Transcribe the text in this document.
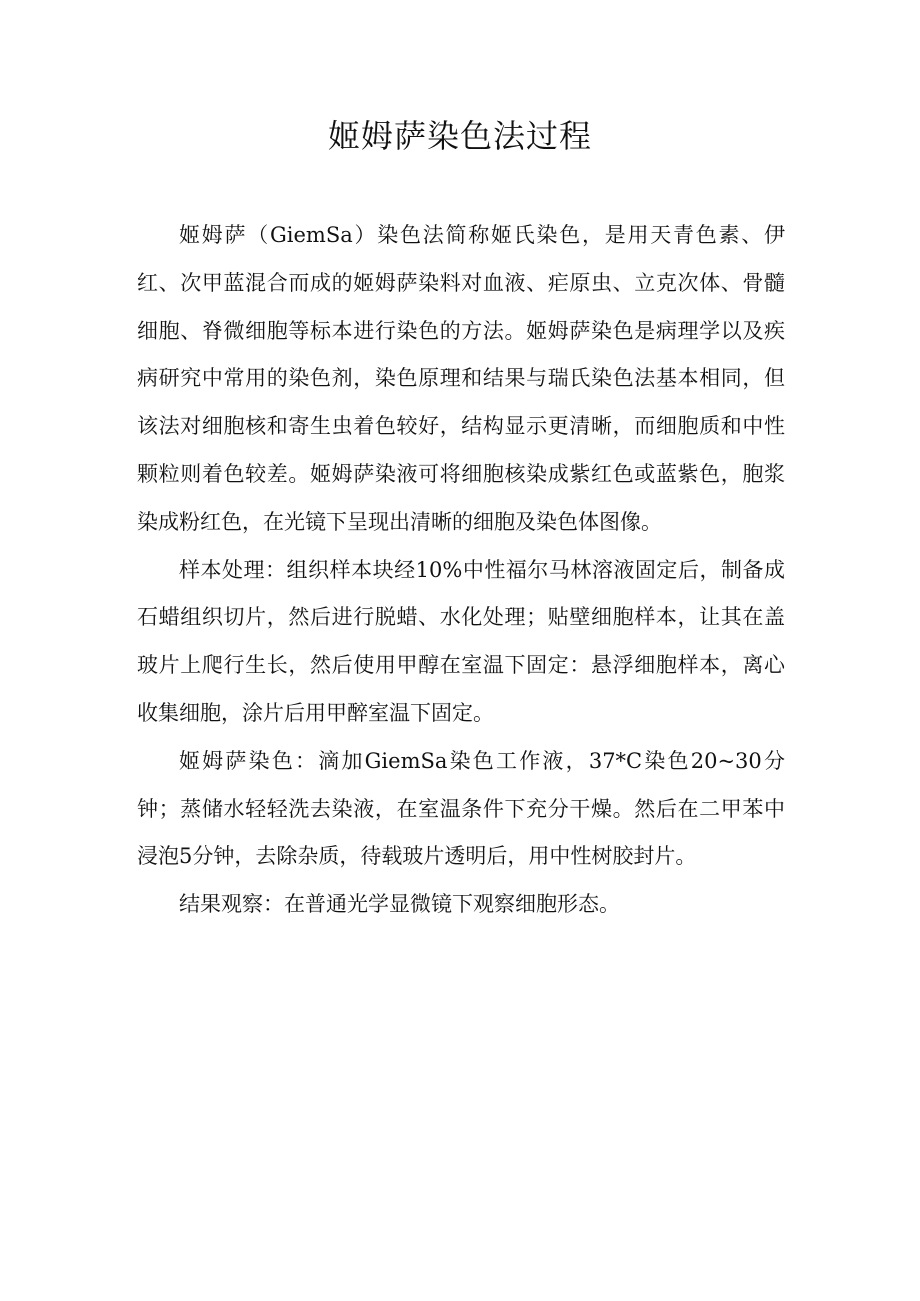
姬姆萨染色法过程

姬姆萨（GiemSa）染色法简称姬氏染色，是用天青色素、伊红、次甲蓝混合而成的姬姆萨染料对血液、疟原虫、立克次体、骨髓细胞、脊微细胞等标本进行染色的方法。姬姆萨染色是病理学以及疾病研究中常用的染色剂，染色原理和结果与瑞氏染色法基本相同，但该法对细胞核和寄生虫着色较好，结构显示更清晰，而细胞质和中性颗粒则着色较差。姬姆萨染液可将细胞核染成紫红色或蓝紫色，胞浆染成粉红色，在光镜下呈现出清晰的细胞及染色体图像。

样本处理：组织样本块经10%中性福尔马林溶液固定后，制备成石蜡组织切片，然后进行脱蜡、水化处理；贴壁细胞样本，让其在盖玻片上爬行生长，然后使用甲醇在室温下固定：悬浮细胞样本，离心收集细胞，涂片后用甲醉室温下固定。

姬姆萨染色：滴加GiemSa染色工作液，37*C染色20~30分钟；蒸储水轻轻洗去染液，在室温条件下充分干燥。然后在二甲苯中浸泡5分钟，去除杂质，待载玻片透明后，用中性树胶封片。

结果观察：在普通光学显微镜下观察细胞形态。
